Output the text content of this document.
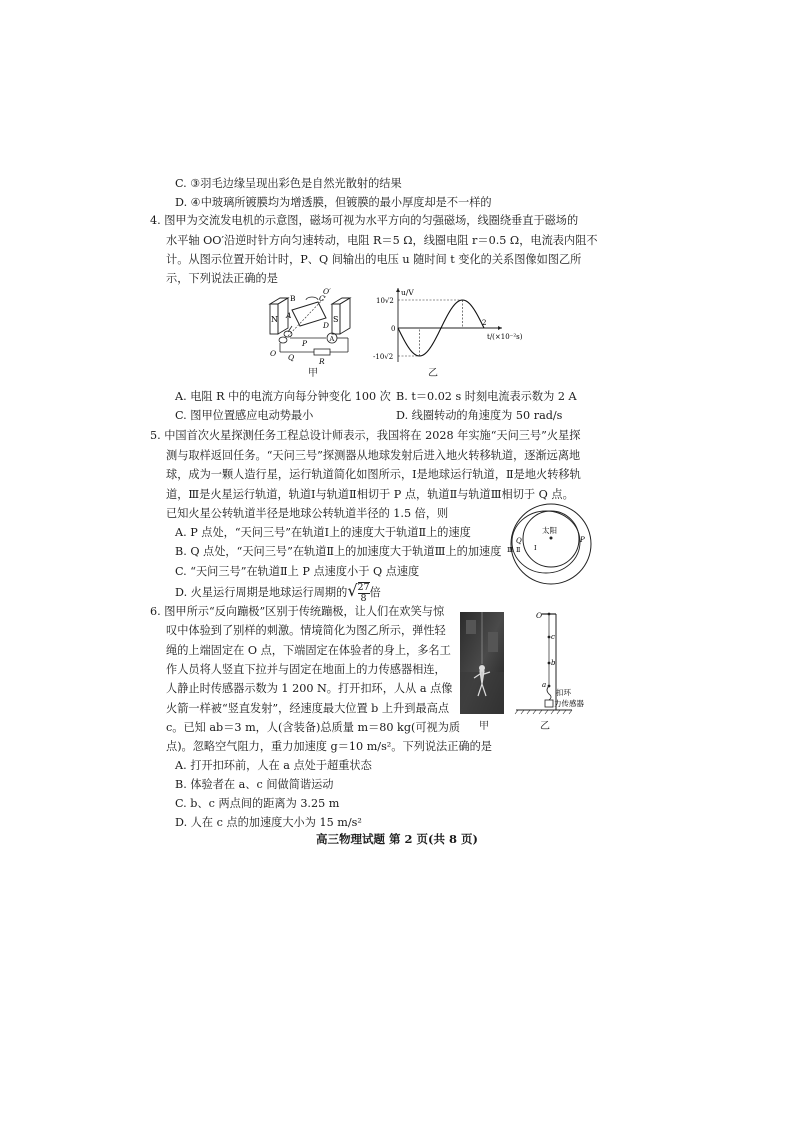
C. ③羽毛边缘呈现出彩色是自然光散射的结果
D. ④中玻璃所镀膜均为增透膜，但镀膜的最小厚度却是不一样的
4. 图甲为交流发电机的示意图，磁场可视为水平方向的匀强磁场，线圈绕垂直于磁场的
水平轴 OO′沿逆时针方向匀速转动，电阻 R＝5 Ω，线圈电阻 r＝0.5 Ω，电流表内阻不
计。从图示位置开始计时，P、Q 间输出的电压 u 随时间 t 变化的关系图像如图乙所
示，下列说法正确的是
N	S
B	C
O′
A
D
O
P
Q	R
A
甲
u/V
t/(×10⁻²s)
10√2
0
-10√2
2
乙
A. 电阻 R 中的电流方向每分钟变化 100 次 B. t＝0.02 s 时刻电流表示数为 2 A
C. 图甲位置感应电动势最小	D. 线圈转动的角速度为 50 rad/s
5. 中国首次火星探测任务工程总设计师表示，我国将在 2028 年实施“天问三号”火星探
测与取样返回任务。“天问三号”探测器从地球发射后进入地火转移轨道，逐渐远离地
球，成为一颗人造行星，运行轨道简化如图所示，Ⅰ是地球运行轨道，Ⅱ是地火转移轨
道，Ⅲ是火星运行轨道，轨道Ⅰ与轨道Ⅱ相切于 P 点，轨道Ⅱ与轨道Ⅲ相切于 Q 点。
已知火星公转轨道半径是地球公转轨道半径的 1.5 倍，则
A. P 点处，“天问三号”在轨道Ⅰ上的速度大于轨道Ⅱ上的速度
B. Q 点处，“天问三号”在轨道Ⅱ上的加速度大于轨道Ⅲ上的加速度
C. “天问三号”在轨道Ⅱ上 P 点速度小于 Q 点速度
D. 火星运行周期是地球运行周期的√ $\frac{27}{8}$ 倍
太阳
Q	P
Ⅰ
Ⅱ
Ⅲ
6. 图甲所示“反向蹦极”区别于传统蹦极，让人们在欢笑与惊
叹中体验到了别样的刺激。情境简化为图乙所示，弹性轻
绳的上端固定在 O 点，下端固定在体验者的身上，多名工
作人员将人竖直下拉并与固定在地面上的力传感器相连，
人静止时传感器示数为 1 200 N。打开扣环，人从 a 点像
火箭一样被“竖直发射”，经速度最大位置 b 上升到最高点
c。已知 ab＝3 m，人(含装备)总质量 m＝80 kg(可视为质
点)。忽略空气阻力，重力加速度 g＝10 m/s²。下列说法正确的是
A. 打开扣环前，人在 a 点处于超重状态
B. 体验者在 a、c 间做简谐运动
C. b、c 两点间的距离为 3.25 m
D. 人在 c 点的加速度大小为 15 m/s²
甲
O
c
b
a
扣环
力传感器
乙
高三物理试题 第 2 页(共 8 页)
